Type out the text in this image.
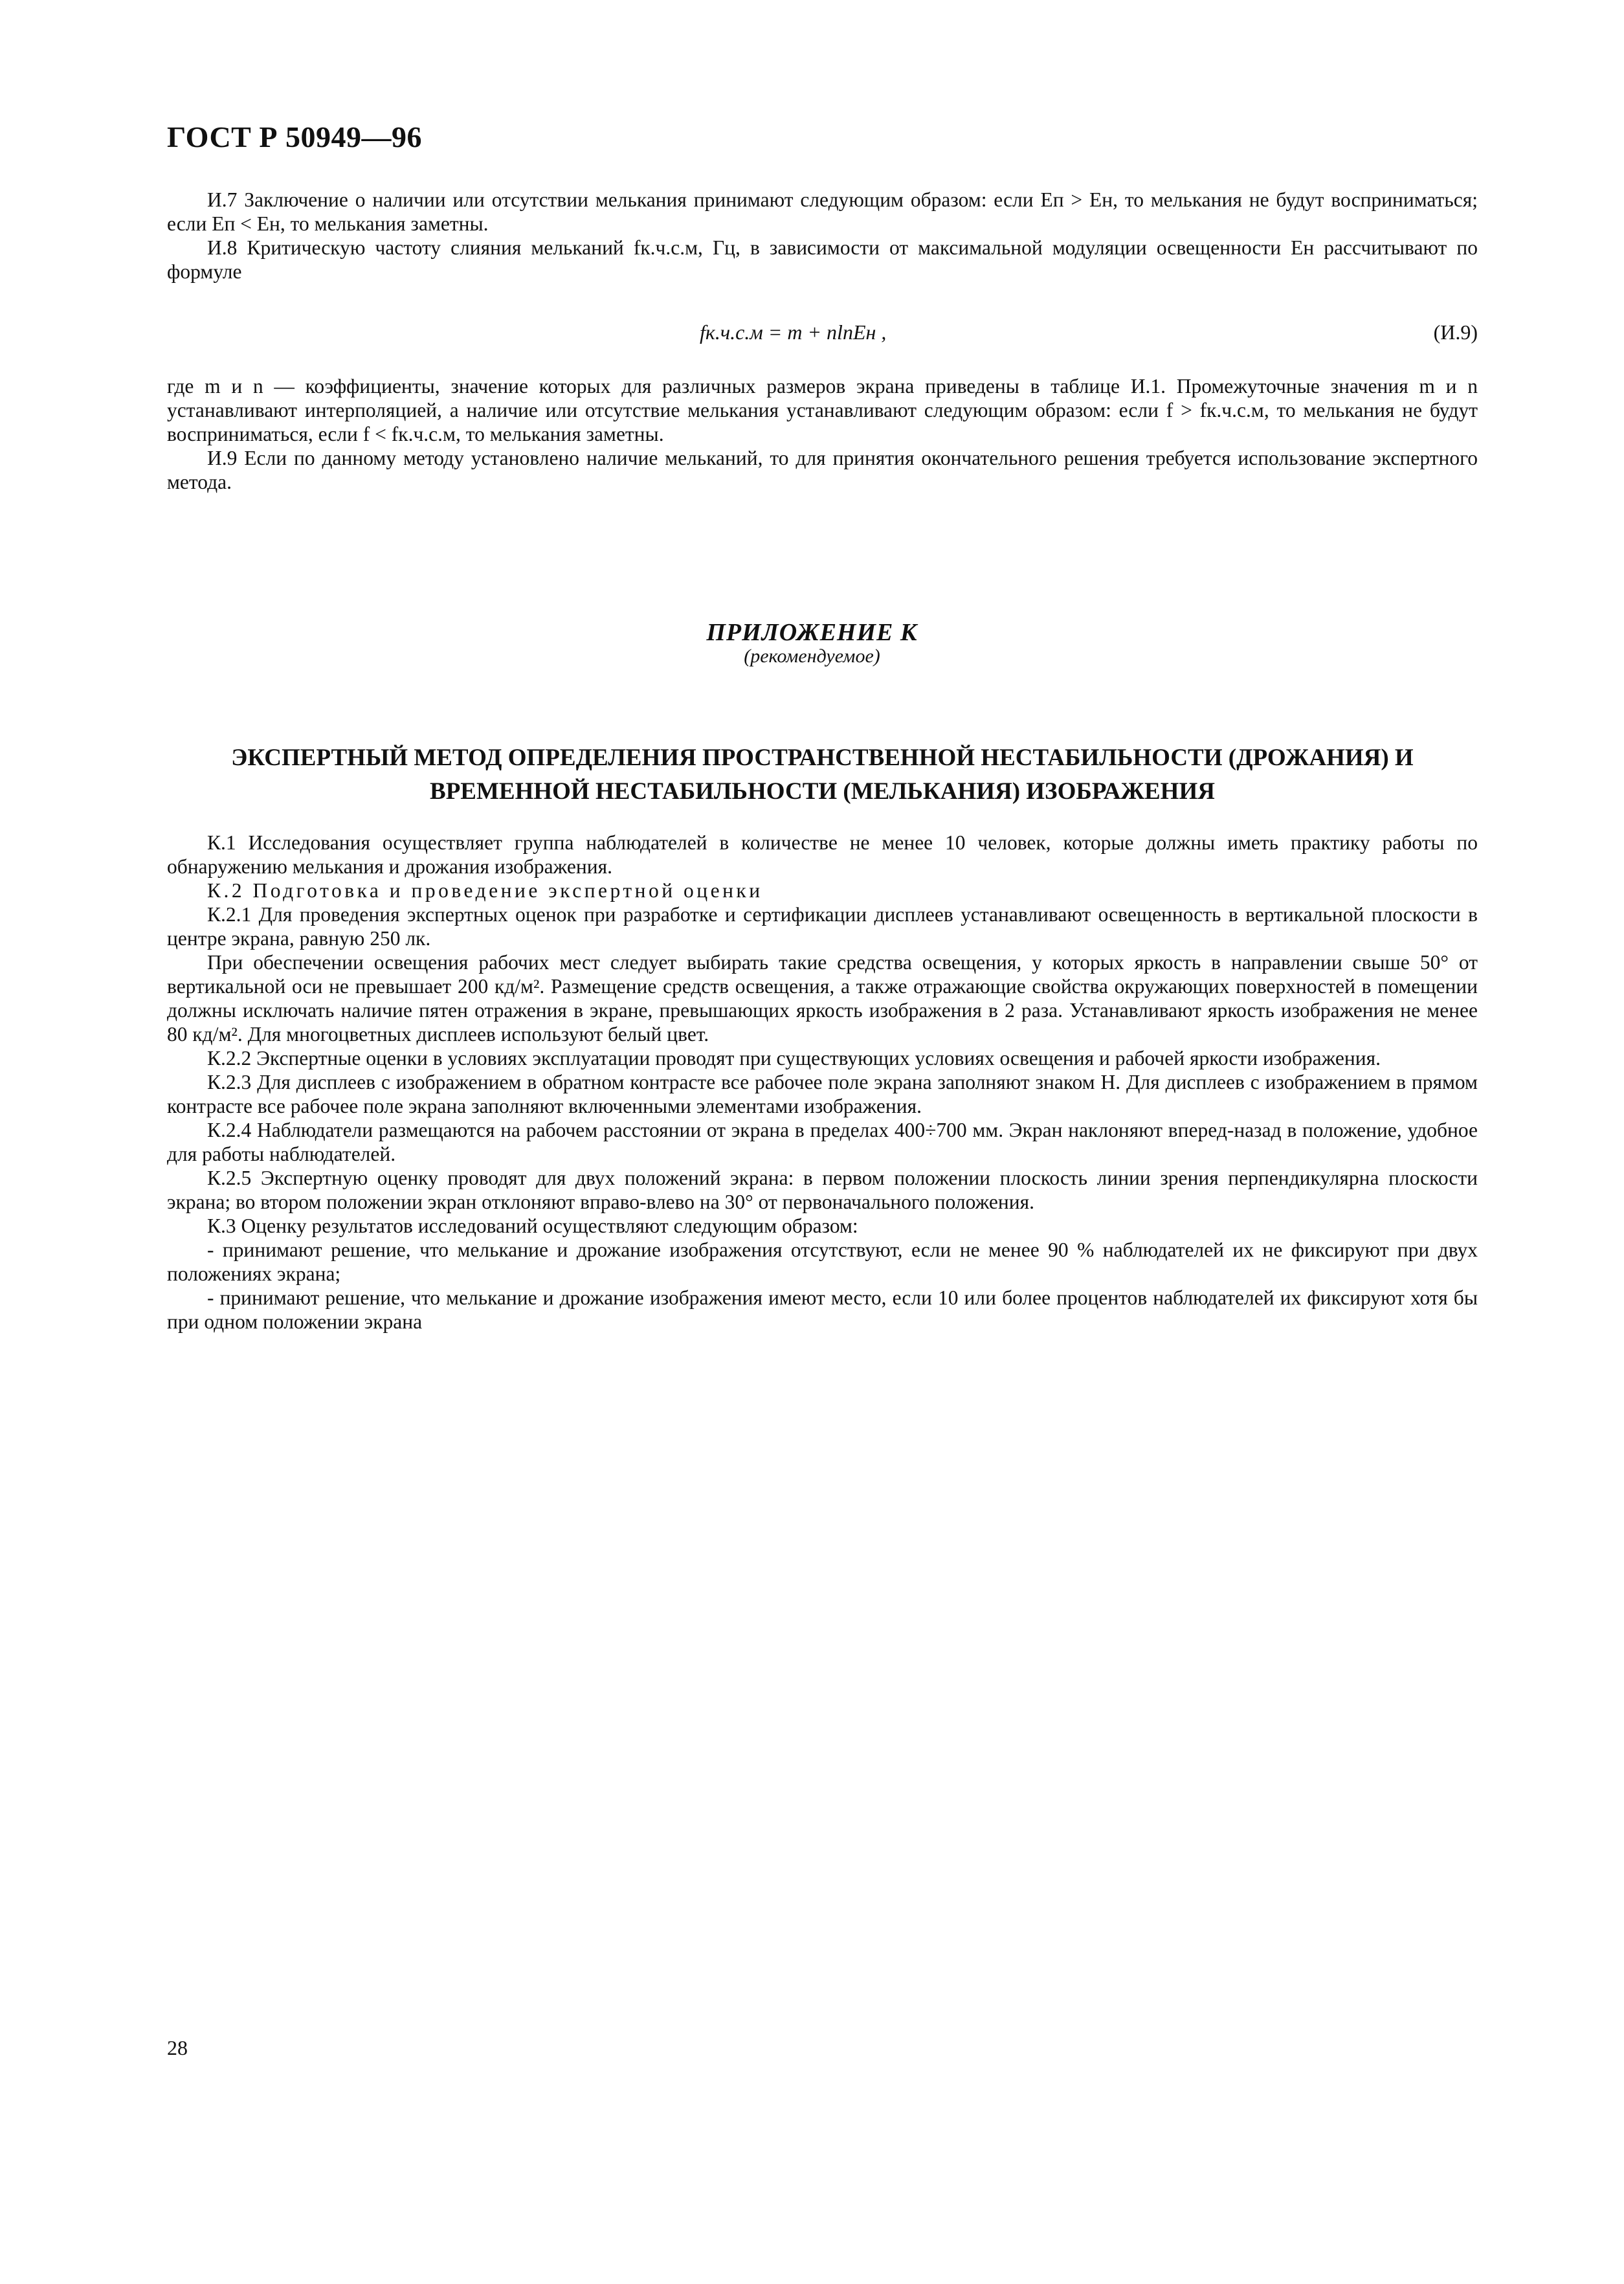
ГОСТ Р 50949—96

И.7 Заключение о наличии или отсутствии мелькания принимают следующим образом: если Eп > Eн, то мелькания не будут восприниматься; если Eп < Eн, то мелькания заметны.

И.8 Критическую частоту слияния мельканий fк.ч.с.м, Гц, в зависимости от максимальной модуляции освещенности Eн рассчитывают по формуле

fк.ч.с.м = m + nlnEн ,	(И.9)

где m и n — коэффициенты, значение которых для различных размеров экрана приведены в таблице И.1. Промежуточные значения m и n устанавливают интерполяцией, а наличие или отсутствие мелькания устанавливают следующим образом: если f > fк.ч.с.м, то мелькания не будут восприниматься, если f < fк.ч.с.м, то мелькания заметны.

И.9 Если по данному методу установлено наличие мельканий, то для принятия окончательного решения требуется использование экспертного метода.

ПРИЛОЖЕНИЕ К
(рекомендуемое)
ЭКСПЕРТНЫЙ МЕТОД ОПРЕДЕЛЕНИЯ ПРОСТРАНСТВЕННОЙ НЕСТАБИЛЬНОСТИ (ДРОЖАНИЯ) И
ВРЕМЕННОЙ НЕСТАБИЛЬНОСТИ (МЕЛЬКАНИЯ) ИЗОБРАЖЕНИЯ

К.1 Исследования осуществляет группа наблюдателей в количестве не менее 10 человек, которые должны иметь практику работы по обнаружению мелькания и дрожания изображения.

К.2 Подготовка и проведение экспертной оценки

К.2.1 Для проведения экспертных оценок при разработке и сертификации дисплеев устанавливают освещенность в вертикальной плоскости в центре экрана, равную 250 лк.

При обеспечении освещения рабочих мест следует выбирать такие средства освещения, у которых яркость в направлении свыше 50° от вертикальной оси не превышает 200 кд/м². Размещение средств освещения, а также отражающие свойства окружающих поверхностей в помещении должны исключать наличие пятен отражения в экране, превышающих яркость изображения в 2 раза. Устанавливают яркость изображения не менее 80 кд/м². Для многоцветных дисплеев используют белый цвет.

К.2.2 Экспертные оценки в условиях эксплуатации проводят при существующих условиях освещения и рабочей яркости изображения.

К.2.3 Для дисплеев с изображением в обратном контрасте все рабочее поле экрана заполняют знаком Н. Для дисплеев с изображением в прямом контрасте все рабочее поле экрана заполняют включенными элементами изображения.

К.2.4 Наблюдатели размещаются на рабочем расстоянии от экрана в пределах 400÷700 мм. Экран наклоняют вперед-назад в положение, удобное для работы наблюдателей.

К.2.5 Экспертную оценку проводят для двух положений экрана: в первом положении плоскость линии зрения перпендикулярна плоскости экрана; во втором положении экран отклоняют вправо-влево на 30° от первоначального положения.

К.3 Оценку результатов исследований осуществляют следующим образом:

- принимают решение, что мелькание и дрожание изображения отсутствуют, если не менее 90 % наблюдателей их не фиксируют при двух положениях экрана;

- принимают решение, что мелькание и дрожание изображения имеют место, если 10 или более процентов наблюдателей их фиксируют хотя бы при одном положении экрана

28
